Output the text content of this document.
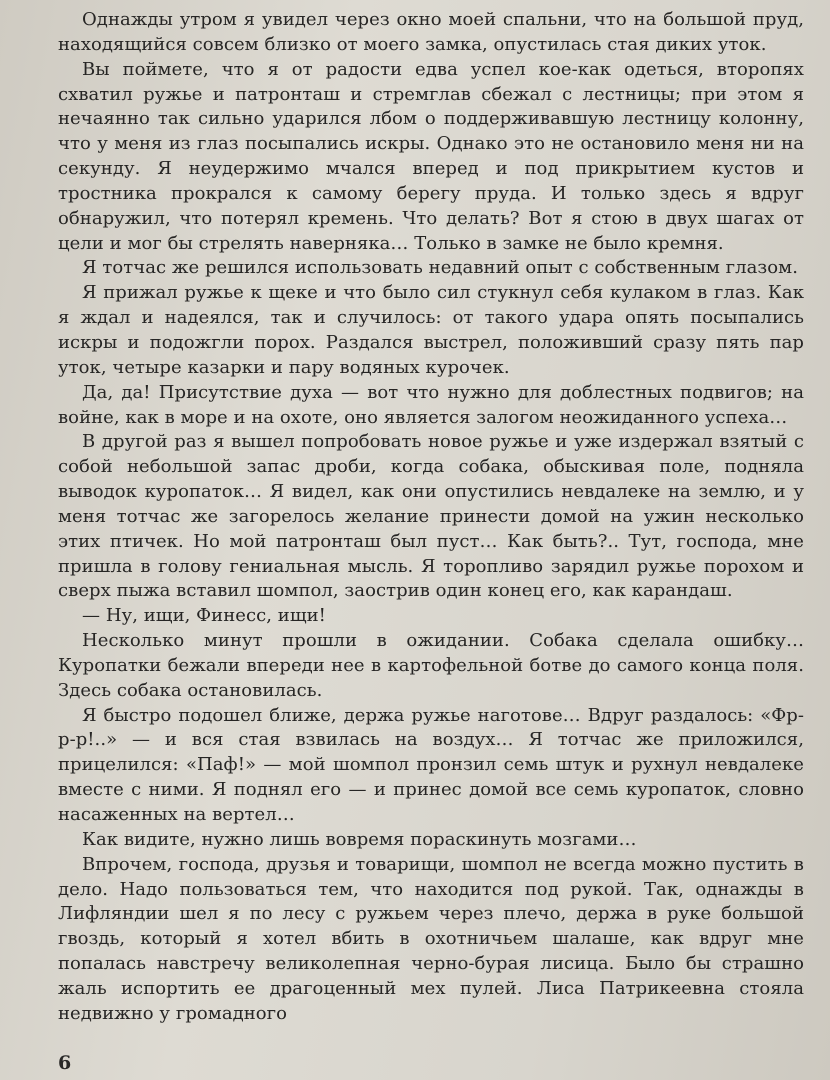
Однажды утром я увидел через окно моей спальни, что на большой пруд, находящийся совсем близко от моего замка, опустилась стая диких уток.

Вы поймете, что я от радости едва успел кое-как одеться, второпях схватил ружье и патронташ и стремглав сбежал с лестницы; при этом я нечаянно так сильно ударился лбом о поддерживавшую лестницу колонну, что у меня из глаз посыпались искры. Однако это не остановило меня ни на секунду. Я неудержимо мчался вперед и под прикрытием кустов и тростника прокрался к самому берегу пруда. И только здесь я вдруг обнаружил, что потерял кремень. Что делать? Вот я стою в двух шагах от цели и мог бы стрелять наверняка… Только в замке не было кремня.

Я тотчас же решился использовать недавний опыт с собственным глазом.

Я прижал ружье к щеке и что было сил стукнул себя кулаком в глаз. Как я ждал и надеялся, так и случилось: от такого удара опять посыпались искры и подожгли порох. Раздался выстрел, положивший сразу пять пар уток, четыре казарки и пару водяных курочек.

Да, да! Присутствие духа — вот что нужно для доблестных подвигов; на войне, как в море и на охоте, оно является залогом неожиданного успеха…

В другой раз я вышел попробовать новое ружье и уже издержал взятый с собой небольшой запас дроби, когда собака, обыскивая поле, подняла выводок куропаток… Я видел, как они опустились невдалеке на землю, и у меня тотчас же загорелось желание принести домой на ужин несколько этих птичек. Но мой патронташ был пуст… Как быть?.. Тут, господа, мне пришла в голову гениальная мысль. Я торопливо зарядил ружье порохом и сверх пыжа вставил шомпол, заострив один конец его, как карандаш.

— Ну, ищи, Финесс, ищи!

Несколько минут прошли в ожидании. Собака сделала ошибку… Куропатки бежали впереди нее в картофельной ботве до самого конца поля. Здесь собака остановилась.

Я быстро подошел ближе, держа ружье наготове… Вдруг раздалось: «Фр-р-р!..» — и вся стая взвилась на воздух… Я тотчас же приложился, прицелился: «Паф!» — мой шомпол пронзил семь штук и рухнул невдалеке вместе с ними. Я поднял его — и принес домой все семь куропаток, словно насаженных на вертел…

Как видите, нужно лишь вовремя пораскинуть мозгами…

Впрочем, господа, друзья и товарищи, шомпол не всегда можно пустить в дело. Надо пользоваться тем, что находится под рукой. Так, однажды в Лифляндии шел я по лесу с ружьем через плечо, держа в руке большой гвоздь, который я хотел вбить в охотничьем шалаше, как вдруг мне попалась навстречу великолепная черно-бурая лисица. Было бы страшно жаль испортить ее драгоценный мех пулей. Лиса Патрикеевна стояла недвижно у громадного

6
